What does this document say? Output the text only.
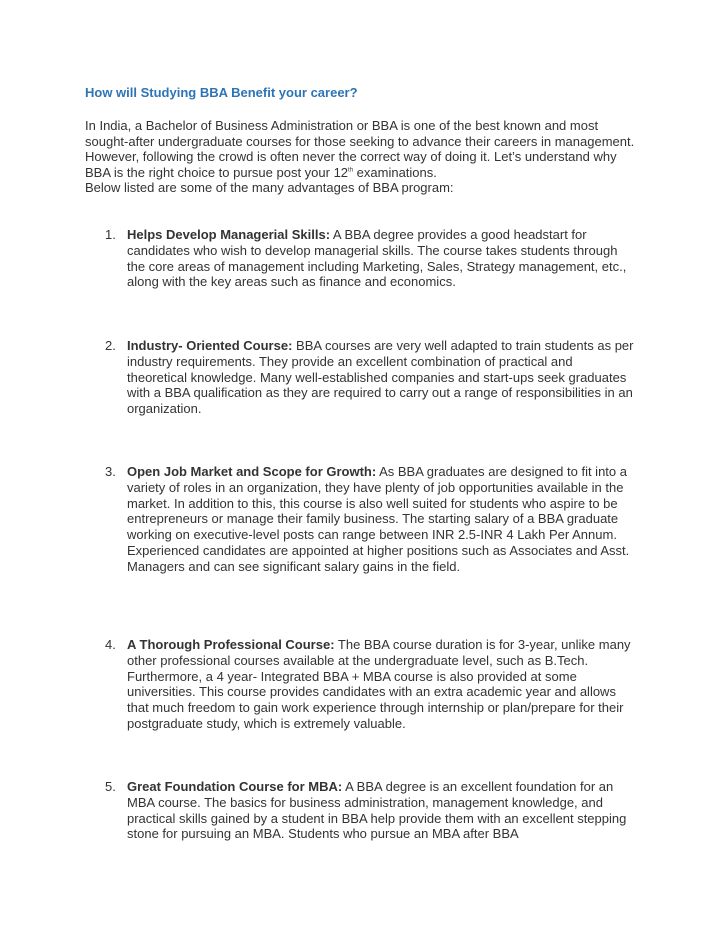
How will Studying BBA Benefit your career?

In India, a Bachelor of Business Administration or BBA is one of the best known and most sought-after undergraduate courses for those seeking to advance their careers in management. However, following the crowd is often never the correct way of doing it. Let’s understand why BBA is the right choice to pursue post your 12th examinations.

Below listed are some of the many advantages of BBA program:

1. Helps Develop Managerial Skills: A BBA degree provides a good headstart for candidates who wish to develop managerial skills. The course takes students through the core areas of management including Marketing, Sales, Strategy management, etc., along with the key areas such as finance and economics.
2. Industry- Oriented Course: BBA courses are very well adapted to train students as per industry requirements. They provide an excellent combination of practical and theoretical knowledge. Many well-established companies and start-ups seek graduates with a BBA qualification as they are required to carry out a range of responsibilities in an organization.
3. Open Job Market and Scope for Growth: As BBA graduates are designed to fit into a variety of roles in an organization, they have plenty of job opportunities available in the market. In addition to this, this course is also well suited for students who aspire to be entrepreneurs or manage their family business. The starting salary of a BBA graduate working on executive-level posts can range between INR 2.5-INR 4 Lakh Per Annum. Experienced candidates are appointed at higher positions such as Associates and Asst. Managers and can see significant salary gains in the field.
4. A Thorough Professional Course: The BBA course duration is for 3-year, unlike many other professional courses available at the undergraduate level, such as B.Tech. Furthermore, a 4 year- Integrated BBA + MBA course is also provided at some universities. This course provides candidates with an extra academic year and allows that much freedom to gain work experience through internship or plan/prepare for their postgraduate study, which is extremely valuable.
5. Great Foundation Course for MBA: A BBA degree is an excellent foundation for an MBA course. The basics for business administration, management knowledge, and practical skills gained by a student in BBA help provide them with an excellent stepping stone for pursuing an MBA. Students who pursue an MBA after BBA
